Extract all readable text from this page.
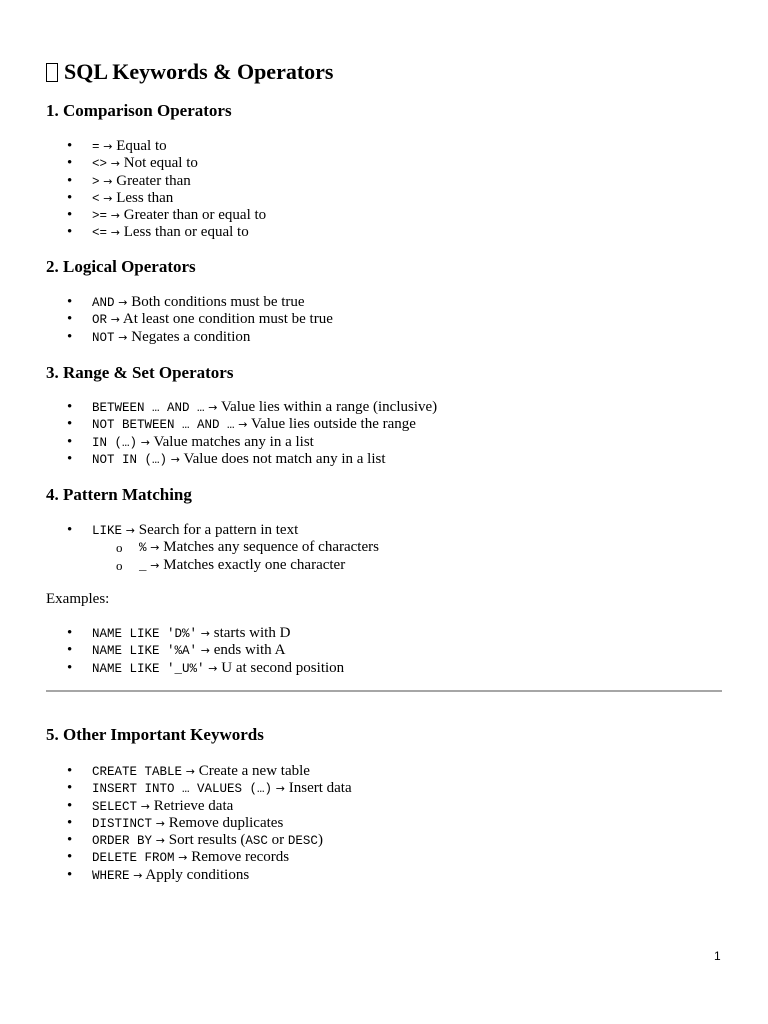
SQL Keywords & Operators
1. Comparison Operators
• = → Equal to
• <> → Not equal to
• > → Greater than
• < → Less than
• >= → Greater than or equal to
• <= → Less than or equal to
2. Logical Operators
• AND → Both conditions must be true
• OR → At least one condition must be true
• NOT → Negates a condition
3. Range & Set Operators
• BETWEEN … AND … → Value lies within a range (inclusive)
• NOT BETWEEN … AND … → Value lies outside the range
• IN (…) → Value matches any in a list
• NOT IN (…) → Value does not match any in a list
4. Pattern Matching
• LIKE → Search for a pattern in text
o % → Matches any sequence of characters
o _ → Matches exactly one character

Examples:

• NAME LIKE 'D%' → starts with D
• NAME LIKE '%A' → ends with A
• NAME LIKE '_U%' → U at second position
5. Other Important Keywords
• CREATE TABLE → Create a new table
• INSERT INTO … VALUES (…) → Insert data
• SELECT → Retrieve data
• DISTINCT → Remove duplicates
• ORDER BY → Sort results (ASC or DESC)
• DELETE FROM → Remove records
• WHERE → Apply conditions
1
